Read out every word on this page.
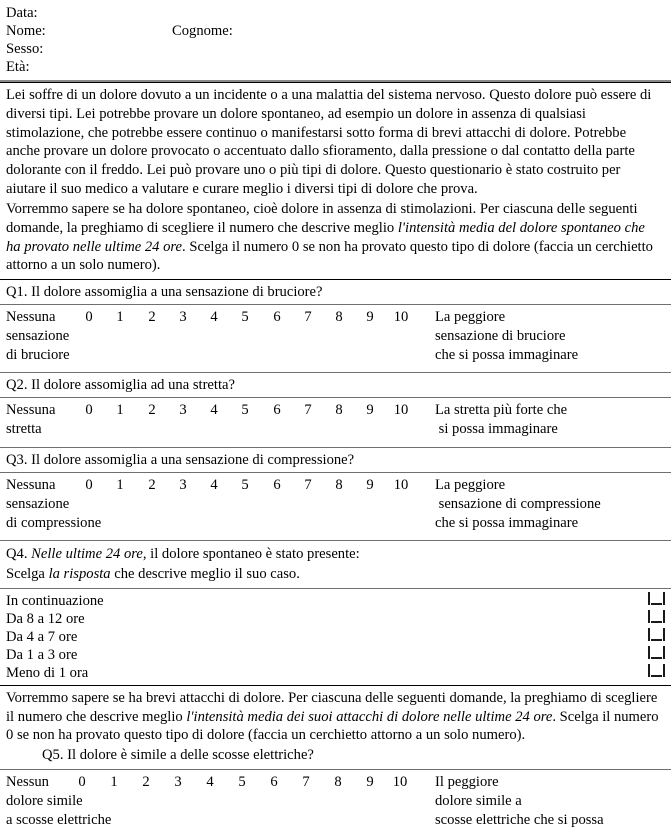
Data:
Nome:	Cognome:
Sesso:
Età:

Lei soffre di un dolore dovuto a un incidente o a una malattia del sistema nervoso. Questo dolore può essere di diversi tipi. Lei potrebbe provare un dolore spontaneo, ad esempio un dolore in assenza di qualsiasi stimolazione, che potrebbe essere continuo o manifestarsi sotto forma di brevi attacchi di dolore. Potrebbe anche provare un dolore provocato o accentuato dallo sfioramento, dalla pressione o dal contatto della parte dolorante con il freddo. Lei può provare uno o più tipi di dolore. Questo questionario è stato costruito per aiutare il suo medico a valutare e curare meglio i diversi tipi di dolore che prova.

Vorremmo sapere se ha dolore spontaneo, cioè dolore in assenza di stimolazioni. Per ciascuna delle seguenti domande, la preghiamo di scegliere il numero che descrive meglio l'intensità media del dolore spontaneo che ha provato nelle ultime 24 ore. Scelga il numero 0 se non ha provato questo tipo di dolore (faccia un cerchietto attorno a un solo numero).

Q1. Il dolore assomiglia a una sensazione di bruciore?
Nessuna
sensazione
di bruciore
0 1 2 3 4 5 6 7 8 9 10 La peggiore
sensazione di bruciore
che si possa immaginare
Q2. Il dolore assomiglia ad una stretta?
Nessuna
stretta
0 1 2 3 4 5 6 7 8 9 10 La stretta più forte che
si possa immaginare
Q3. Il dolore assomiglia a una sensazione di compressione?
Nessuna
sensazione
di compressione
0 1 2 3 4 5 6 7 8 9 10 La peggiore
sensazione di compressione
che si possa immaginare

Q4. Nelle ultime 24 ore, il dolore spontaneo è stato presente:

Scelga la risposta che descrive meglio il suo caso.

In continuazione
Da 8 a 12 ore
Da 4 a 7 ore
Da 1 a 3 ore
Meno di 1 ora

Vorremmo sapere se ha brevi attacchi di dolore. Per ciascuna delle seguenti domande, la preghiamo di scegliere il numero che descrive meglio l'intensità media dei suoi attacchi di dolore nelle ultime 24 ore. Scelga il numero 0 se non ha provato questo tipo di dolore (faccia un cerchietto attorno a un solo numero).

Q5. Il dolore è simile a delle scosse elettriche?

Nessun
dolore simile
a scosse elettriche
0 1 2 3 4 5 6 7 8 9 10 Il peggiore
dolore simile a
scosse elettriche che si possa
